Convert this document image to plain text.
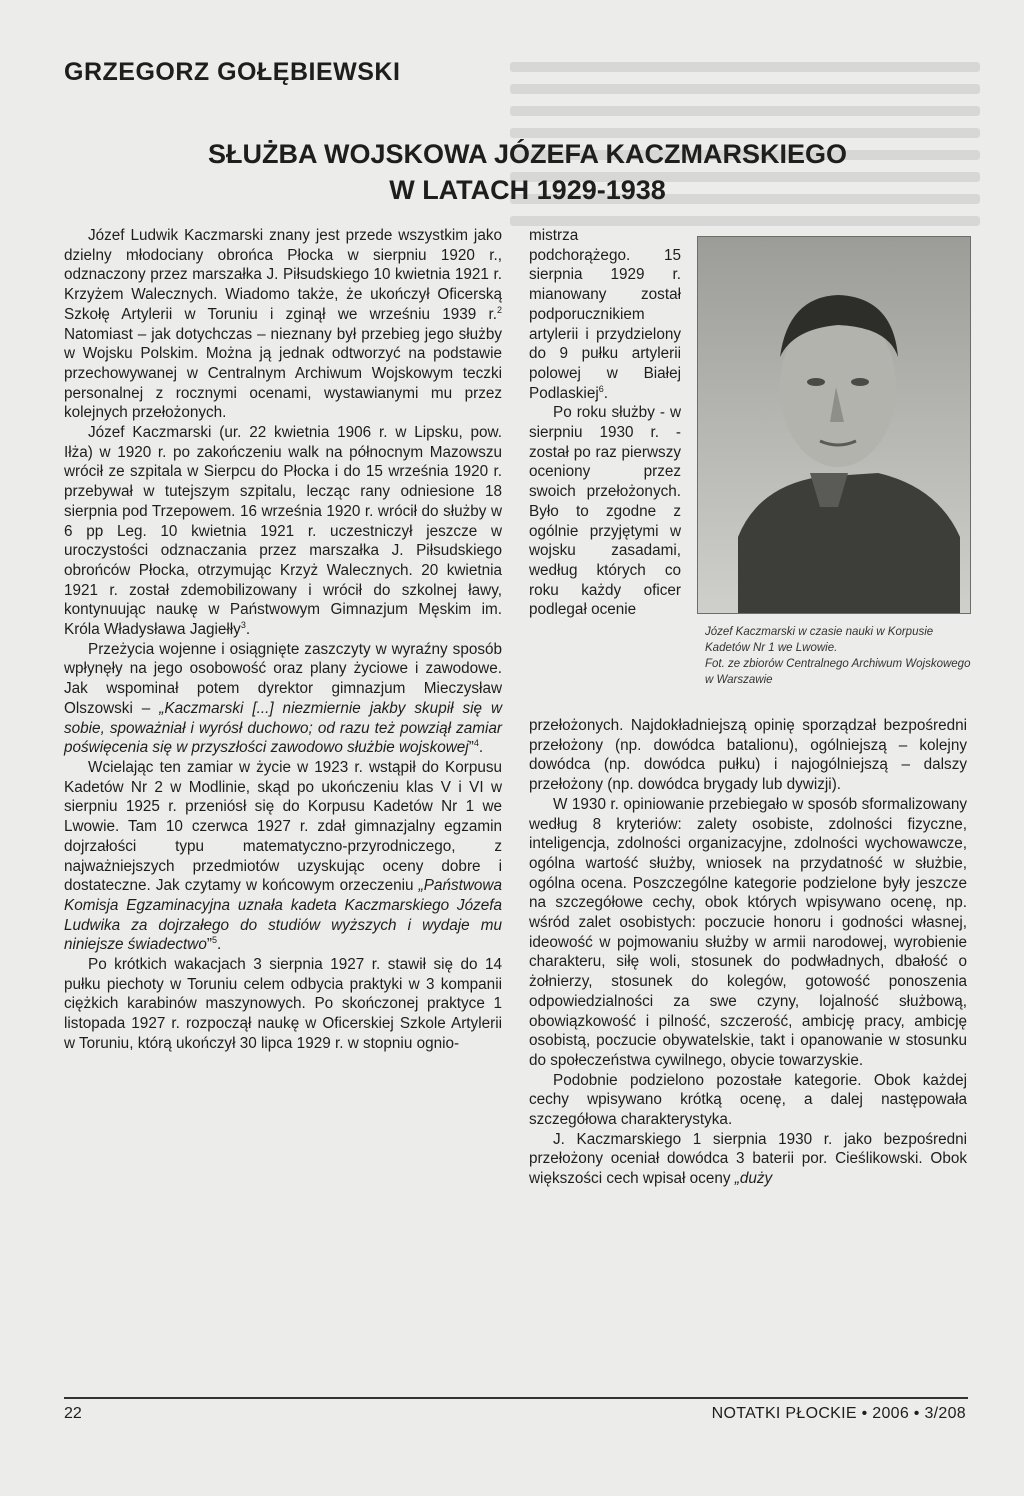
GRZEGORZ GOŁĘBIEWSKI
SŁUŻBA WOJSKOWA JÓZEFA KACZMARSKIEGO
W LATACH 1929-1938

Józef Ludwik Kaczmarski znany jest przede wszystkim jako dzielny młodociany obrońca Płocka w sierpniu 1920 r., odznaczony przez marszałka J. Piłsudskiego 10 kwietnia 1921 r. Krzyżem Walecznych. Wiadomo także, że ukończył Oficerską Szkołę Artylerii w Toruniu i zginął we wrześniu 1939 r.$^2$ Natomiast – jak dotychczas – nieznany był przebieg jego służby w Wojsku Polskim. Można ją jednak odtworzyć na podstawie przechowywanej w Centralnym Archiwum Wojskowym teczki personalnej z rocznymi ocenami, wystawianymi mu przez kolejnych przełożonych.

Józef Kaczmarski (ur. 22 kwietnia 1906 r. w Lipsku, pow. Iłża) w 1920 r. po zakończeniu walk na północnym Mazowszu wrócił ze szpitala w Sierpcu do Płocka i do 15 września 1920 r. przebywał w tutejszym szpitalu, lecząc rany odniesione 18 sierpnia pod Trzepowem. 16 września 1920 r. wrócił do służby w 6 pp Leg. 10 kwietnia 1921 r. uczestniczył jeszcze w uroczystości odznaczania przez marszałka J. Piłsudskiego obrońców Płocka, otrzymując Krzyż Walecznych. 20 kwietnia 1921 r. został zdemobilizowany i wrócił do szkolnej ławy, kontynuując naukę w Państwowym Gimnazjum Męskim im. Króla Władysława Jagiełły$^3$.

Przeżycia wojenne i osiągnięte zaszczyty w wyraźny sposób wpłynęły na jego osobowość oraz plany życiowe i zawodowe. Jak wspominał potem dyrektor gimnazjum Mieczysław Olszowski – „Kaczmarski [...] niezmiernie jakby skupił się w sobie, spoważniał i wyrósł duchowo; od razu też powziął zamiar poświęcenia się w przyszłości zawodowo służbie wojskowej”$^4$.

Wcielając ten zamiar w życie w 1923 r. wstąpił do Korpusu Kadetów Nr 2 w Modlinie, skąd po ukończeniu klas V i VI w sierpniu 1925 r. przeniósł się do Korpusu Kadetów Nr 1 we Lwowie. Tam 10 czerwca 1927 r. zdał gimnazjalny egzamin dojrzałości typu matematyczno-przyrodniczego, z najważniejszych przedmiotów uzyskując oceny dobre i dostateczne. Jak czytamy w końcowym orzeczeniu „Państwowa Komisja Egzaminacyjna uznała kadeta Kaczmarskiego Józefa Ludwika za dojrzałego do studiów wyższych i wydaje mu niniejsze świadectwo”$^5$.

Po krótkich wakacjach 3 sierpnia 1927 r. stawił się do 14 pułku piechoty w Toruniu celem odbycia praktyki w 3 kompanii ciężkich karabinów maszynowych. Po skończonej praktyce 1 listopada 1927 r. rozpoczął naukę w Oficerskiej Szkole Artylerii w Toruniu, którą ukończył 30 lipca 1929 r. w stopniu ognio-

mistrza podchorążego. 15 sierpnia 1929 r. mianowany został podporucznikiem artylerii i przydzielony do 9 pułku artylerii polowej w Białej Podlaskiej$^6$.

Po roku służby - w sierpniu 1930 r. - został po raz pierwszy oceniony przez swoich przełożonych. Było to zgodne z ogólnie przyjętymi w wojsku zasadami, według których co roku każdy oficer podlegał ocenie

Józef Kaczmarski w czasie nauki w Korpusie Kadetów Nr 1 we Lwowie.
Fot. ze zbiorów Centralnego Archiwum Wojskowego w Warszawie

przełożonych. Najdokładniejszą opinię sporządzał bezpośredni przełożony (np. dowódca batalionu), ogólniejszą – kolejny dowódca (np. dowódca pułku) i najogólniejszą – dalszy przełożony (np. dowódca brygady lub dywizji).

W 1930 r. opiniowanie przebiegało w sposób sformalizowany według 8 kryteriów: zalety osobiste, zdolności fizyczne, inteligencja, zdolności organizacyjne, zdolności wychowawcze, ogólna wartość służby, wniosek na przydatność w służbie, ogólna ocena. Poszczególne kategorie podzielone były jeszcze na szczegółowe cechy, obok których wpisywano ocenę, np. wśród zalet osobistych: poczucie honoru i godności własnej, ideowość w pojmowaniu służby w armii narodowej, wyrobienie charakteru, siłę woli, stosunek do podwładnych, dbałość o żołnierzy, stosunek do kolegów, gotowość ponoszenia odpowiedzialności za swe czyny, lojalność służbową, obowiązkowość i pilność, szczerość, ambicję pracy, ambicję osobistą, poczucie obywatelskie, takt i opanowanie w stosunku do społeczeństwa cywilnego, obycie towarzyskie.

Podobnie podzielono pozostałe kategorie. Obok każdej cechy wpisywano krótką ocenę, a dalej następowała szczegółowa charakterystyka.

J. Kaczmarskiego 1 sierpnia 1930 r. jako bezpośredni przełożony oceniał dowódca 3 baterii por. Cieślikowski. Obok większości cech wpisał oceny „duży

22	NOTATKI PŁOCKIE • 2006 • 3/208
